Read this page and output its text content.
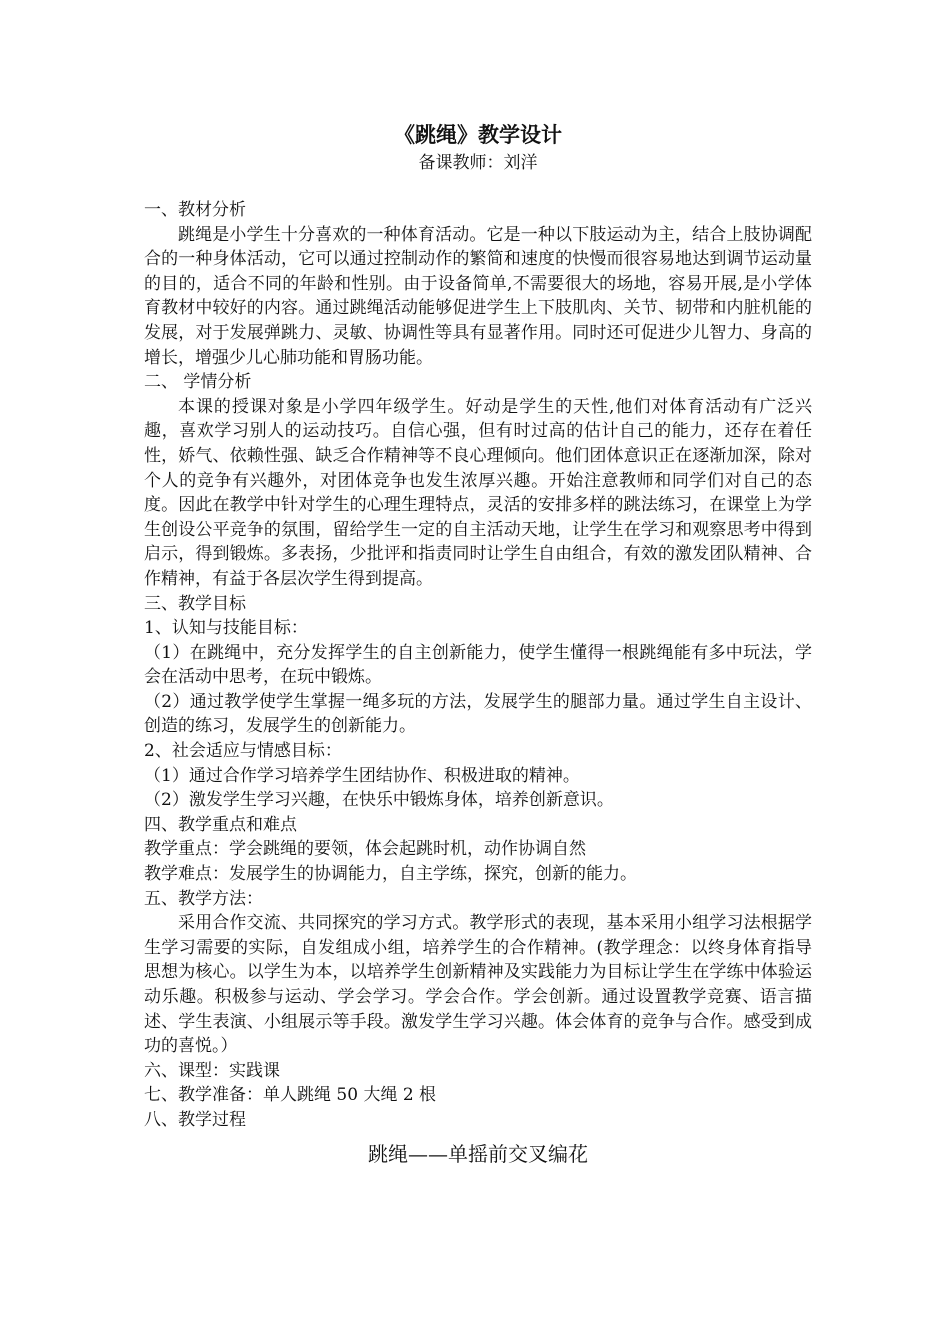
《跳绳》教学设计

备课教师：刘洋

一、教材分析

跳绳是小学生十分喜欢的一种体育活动。它是一种以下肢运动为主，结合上肢协调配合的一种身体活动，它可以通过控制动作的繁简和速度的快慢而很容易地达到调节运动量的目的，适合不同的年龄和性别。由于设备简单,不需要很大的场地，容易开展,是小学体育教材中较好的内容。通过跳绳活动能够促进学生上下肢肌肉、关节、韧带和内脏机能的发展，对于发展弹跳力、灵敏、协调性等具有显著作用。同时还可促进少儿智力、身高的增长，增强少儿心肺功能和胃肠功能。

二、 学情分析

本课的授课对象是小学四年级学生。好动是学生的天性,他们对体育活动有广泛兴趣，喜欢学习别人的运动技巧。自信心强，但有时过高的估计自己的能力，还存在着任性，娇气、依赖性强、缺乏合作精神等不良心理倾向。他们团体意识正在逐渐加深，除对个人的竞争有兴趣外，对团体竞争也发生浓厚兴趣。开始注意教师和同学们对自己的态度。因此在教学中针对学生的心理生理特点，灵活的安排多样的跳法练习，在课堂上为学生创设公平竞争的氛围，留给学生一定的自主活动天地，让学生在学习和观察思考中得到启示，得到锻炼。多表扬，少批评和指责同时让学生自由组合，有效的激发团队精神、合作精神，有益于各层次学生得到提高。

三、教学目标

1、认知与技能目标：

（1）在跳绳中，充分发挥学生的自主创新能力，使学生懂得一根跳绳能有多中玩法，学会在活动中思考，在玩中锻炼。

（2）通过教学使学生掌握一绳多玩的方法，发展学生的腿部力量。通过学生自主设计、创造的练习，发展学生的创新能力。

2、社会适应与情感目标：

（1）通过合作学习培养学生团结协作、积极进取的精神。

（2）激发学生学习兴趣，在快乐中锻炼身体，培养创新意识。

四、教学重点和难点

教学重点：学会跳绳的要领，体会起跳时机，动作协调自然

教学难点：发展学生的协调能力，自主学练，探究，创新的能力。

五、教学方法：

采用合作交流、共同探究的学习方式。教学形式的表现，基本采用小组学习法根据学生学习需要的实际，自发组成小组，培养学生的合作精神。(教学理念：以终身体育指导思想为核心。以学生为本，以培养学生创新精神及实践能力为目标让学生在学练中体验运动乐趣。积极参与运动、学会学习。学会合作。学会创新。通过设置教学竞赛、语言描述、学生表演、小组展示等手段。激发学生学习兴趣。体会体育的竞争与合作。感受到成功的喜悦。）

六、课型：实践课

七、教学准备：单人跳绳 50 大绳 2 根

八、教学过程

跳绳——单摇前交叉编花
